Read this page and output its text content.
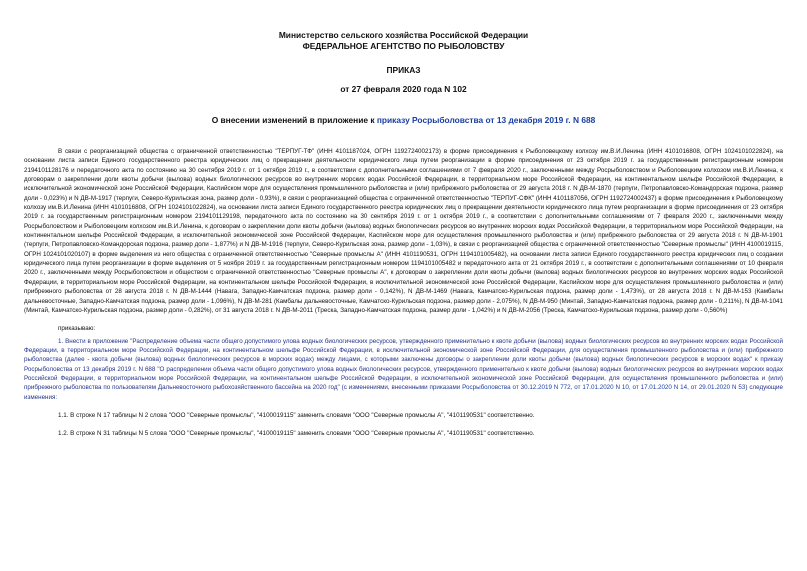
Министерство сельского хозяйства Российской Федерации
ФЕДЕРАЛЬНОЕ АГЕНТСТВО ПО РЫБОЛОВСТВУ
ПРИКАЗ
от 27 февраля 2020 года N 102
О внесении изменений в приложение к приказу Росрыболовства от 13 декабря 2019 г. N 688

В связи с реорганизацией общества с ограниченной ответственностью "ТЕРПУГ-ТФ" (ИНН 4101187024, ОГРН 1192724002173) в форме присоединения к Рыболовецкому колхозу им.В.И.Ленина (ИНН 4101016808, ОГРН 1024101022824), на основании листа записи Единого государственного реестра юридических лиц о прекращении деятельности юридического лица путем реорганизации в форме присоединения от 23 октября 2019 г. за государственным регистрационным номером 2194101128176 и передаточного акта по состоянию на 30 сентября 2019 г. от 1 октября 2019 г., в соответствии с дополнительными соглашениями от 7 февраля 2020 г., заключенными между Росрыболовством и Рыболовецким колхозом им.В.И.Ленина, к договорам о закреплении доли квоты добычи (вылова) водных биологических ресурсов во внутренних морских водах Российской Федерации, в территориальном море Российской Федерации, на континентальном шельфе Российской Федерации, в исключительной экономической зоне Российской Федерации, Каспийском море для осуществления промышленного рыболовства и (или) прибрежного рыболовства от 29 августа 2018 г. N ДВ-М-1870 (терпуги, Петропавловско-Командорская подзона, размер доли - 0,023%) и N ДВ-М-1917 (терпуги, Северо-Курильская зона, размер доли - 0,93%), в связи с реорганизацией общества с ограниченной ответственностью "ТЕРПУГ-СФК" (ИНН 4101187056, ОГРН 1192724002437) в форме присоединения к Рыболовецкому колхозу им.В.И.Ленина (ИНН 4101016808, ОГРН 1024101022824), на основании листа записи Единого государственного реестра юридических лиц о прекращении деятельности юридического лица путем реорганизации в форме присоединения от 23 октября 2019 г. за государственным регистрационным номером 2194101129198, передаточного акта по состоянию на 30 сентября 2019 г. от 1 октября 2019 г., в соответствии с дополнительными соглашениями от 7 февраля 2020 г., заключенными между Росрыболовством и Рыболовецким колхозом им.В.И.Ленина, к договорам о закреплении доли квоты добычи (вылова) водных биологических ресурсов во внутренних морских водах Российской Федерации, в территориальном море Российской Федерации, на континентальном шельфе Российской Федерации, в исключительной экономической зоне Российской Федерации, Каспийском море для осуществления промышленного рыболовства и (или) прибрежного рыболовства от 29 августа 2018 г. N ДВ-М-1901 (терпуги, Петропавловско-Командорская подзона, размер доли - 1,877%) и N ДВ-М-1916 (терпуги, Северо-Курильская зона, размер доли - 1,03%), в связи с реорганизацией общества с ограниченной ответственностью "Северные промыслы" (ИНН 4100019115, ОГРН 1024101020107) в форме выделения из него общества с ограниченной ответственностью "Северные промыслы А" (ИНН 4101190531, ОГРН 1194101005482), на основании листа записи Единого государственного реестра юридических лиц о создании юридического лица путем реорганизации в форме выделения от 5 ноября 2019 г. за государственным регистрационным номером 1194101005482 и передаточного акта от 21 октября 2019 г., в соответствии с дополнительными соглашениями от 10 февраля 2020 г., заключенными между Росрыболовством и обществом с ограниченной ответственностью "Северные промыслы А", к договорам о закреплении доли квоты добычи (вылова) водных биологических ресурсов во внутренних морских водах Российской Федерации, в территориальном море Российской Федерации, на континентальном шельфе Российской Федерации, в исключительной экономической зоне Российской Федерации, Каспийском море для осуществления промышленного рыболовства и (или) прибрежного рыболовства от 28 августа 2018 г. N ДВ-М-1444 (Навага, Западно-Камчатская подзона, размер доли - 0,142%), N ДВ-М-1469 (Навага, Камчатско-Курильская подзона, размер доли - 1,473%), от 28 августа 2018 г. N ДВ-М-153 (Камбалы дальневосточные, Западно-Камчатская подзона, размер доли - 1,096%), N ДВ-М-281 (Камбалы дальневосточные, Камчатско-Курильская подзона, размер доли - 2,075%), N ДВ-М-950 (Минтай, Западно-Камчатская подзона, размер доли - 0,211%), N ДВ-М-1041 (Минтай, Камчатско-Курильская подзона, размер доли - 0,282%), от 31 августа 2018 г. N ДВ-М-2011 (Треска, Западно-Камчатская подзона, размер доли - 1,042%) и N ДВ-М-2056 (Треска, Камчатско-Курильская подзона, размер доли - 0,560%)

приказываю:

1. Внести в приложение "Распределение объема части общего допустимого улова водных биологических ресурсов, утвержденного применительно к квоте добычи (вылова) водных биологических ресурсов во внутренних морских водах Российской Федерации, в территориальном море Российской Федерации, на континентальном шельфе Российской Федерации, в исключительной экономической зоне Российской Федерации, для осуществления промышленного рыболовства и (или) прибрежного рыболовства (далее - квота добычи (вылова) водных биологических ресурсов в морских водах) между лицами, с которыми заключены договоры о закреплении доли квоты добычи (вылова) водных биологических ресурсов в морских водах" к приказу Росрыболовства от 13 декабря 2019 г. N 688 "О распределении объема части общего допустимого улова водных биологических ресурсов, утвержденного применительно к квоте добычи (вылова) водных биологических ресурсов во внутренних морских водах Российской Федерации, в территориальном море Российской Федерации, на континентальном шельфе Российской Федерации, в исключительной экономической зоне Российской Федерации, для осуществления промышленного рыболовства и (или) прибрежного рыболовства по пользователям Дальневосточного рыбохозяйственного бассейна на 2020 год" (с изменениями, внесенными приказами Росрыболовства от 30.12.2019 N 772, от 17.01.2020 N 10, от 17.01.2020 N 14, от 29.01.2020 N 53) следующие изменения:

1.1. В строке N 17 таблицы N 2 слова "ООО "Северные промыслы", "4100019115" заменить словами "ООО "Северные промыслы А", "4101190531" соответственно.

1.2. В строке N 31 таблицы N 5 слова "ООО "Северные промыслы", "4100019115" заменить словами "ООО "Северные промыслы А", "4101190531" соответственно.
